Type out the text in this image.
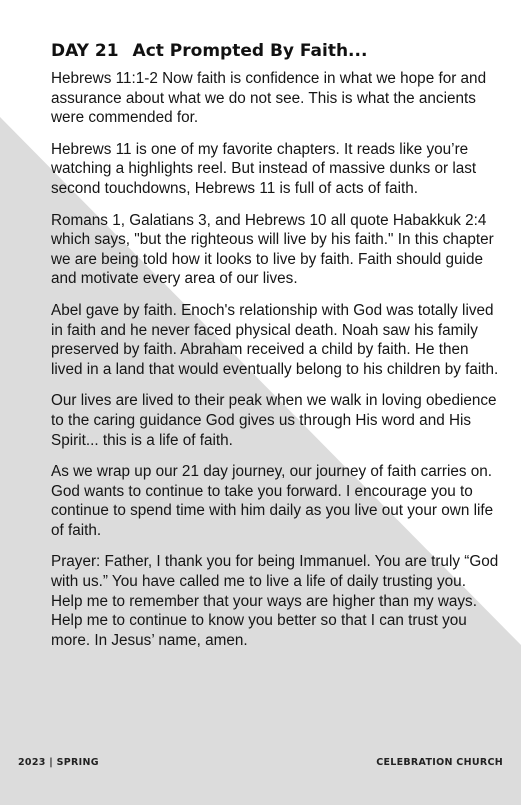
DAY 21 Act Prompted By Faith...

Hebrews 11:1-2 Now faith is confidence in what we hope for and assurance about what we do not see. This is what the ancients were commended for.

Hebrews 11 is one of my favorite chapters. It reads like you’re watching a highlights reel. But instead of massive dunks or last second touchdowns, Hebrews 11 is full of acts of faith.

Romans 1, Galatians 3, and Hebrews 10 all quote Habakkuk 2:4 which says, "but the righteous will live by his faith." In this chapter we are being told how it looks to live by faith. Faith should guide and motivate every area of our lives.

Abel gave by faith. Enoch's relationship with God was totally lived in faith and he never faced physical death. Noah saw his family preserved by faith. Abraham received a child by faith. He then lived in a land that would eventually belong to his children by faith.

Our lives are lived to their peak when we walk in loving obedience to the caring guidance God gives us through His word and His Spirit... this is a life of faith.

As we wrap up our 21 day journey, our journey of faith carries on. God wants to continue to take you forward. I encourage you to continue to spend time with him daily as you live out your own life of faith.

Prayer: Father, I thank you for being Immanuel. You are truly “God with us.” You have called me to live a life of daily trusting you. Help me to remember that your ways are higher than my ways. Help me to continue to know you better so that I can trust you more. In Jesus’ name, amen.

2023 | SPRING	CELEBRATION CHURCH
